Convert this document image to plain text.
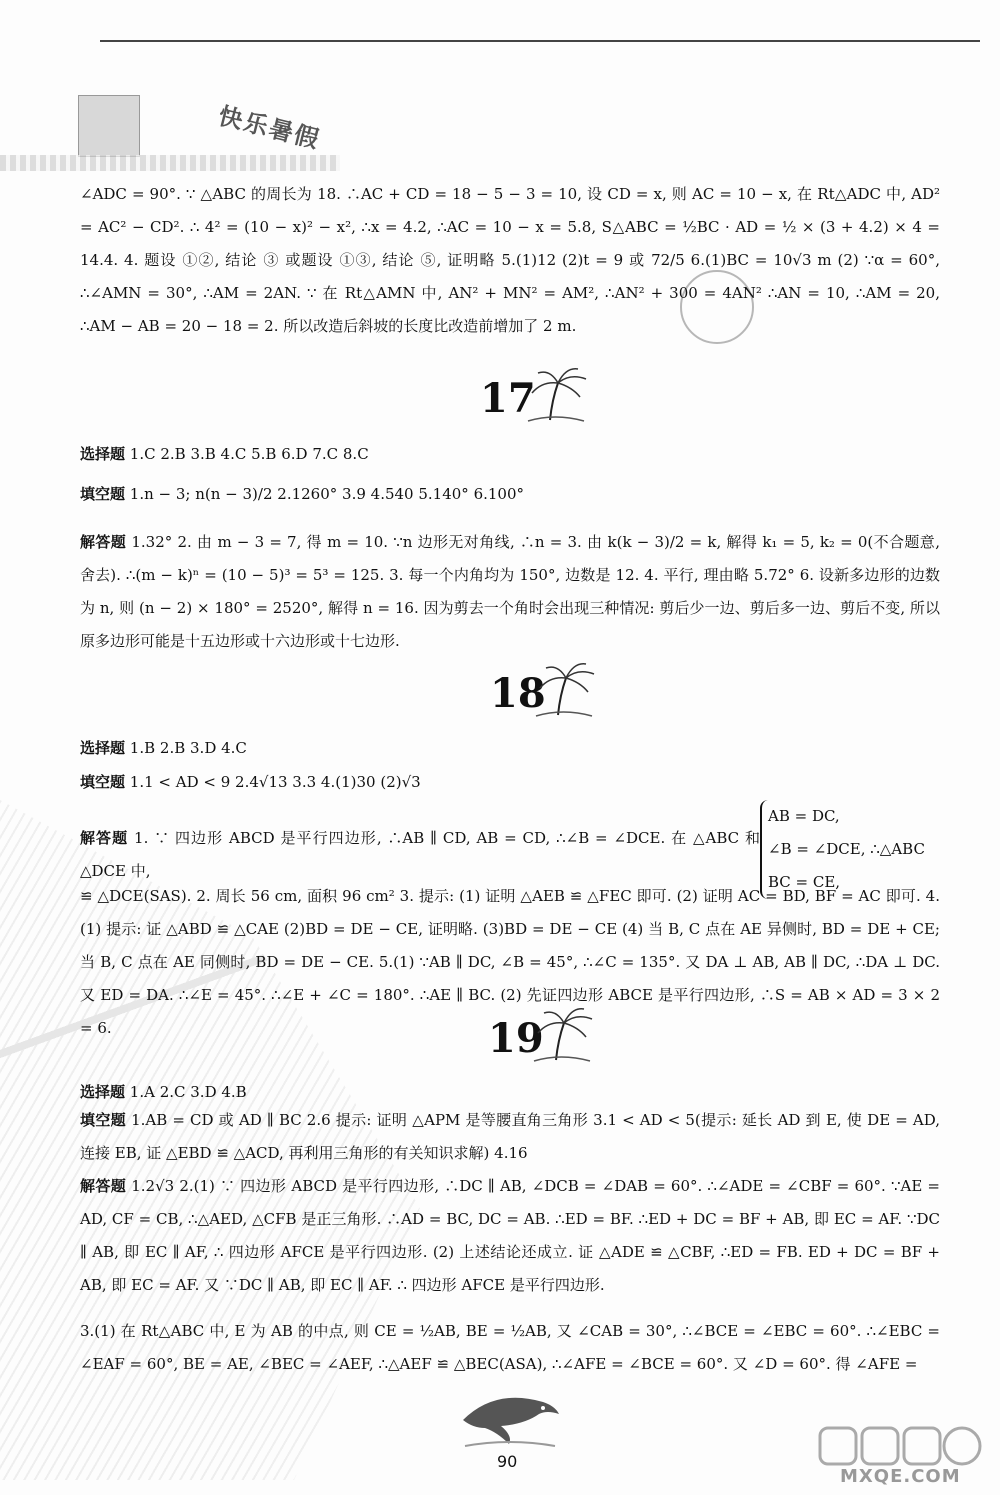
快乐暑假

∠ADC = 90°. ∵ △ABC 的周长为 18. ∴AC + CD = 18 − 5 − 3 = 10, 设 CD = x, 则 AC = 10 − x, 在 Rt△ADC 中, AD² = AC² − CD². ∴ 4² = (10 − x)² − x², ∴x = 4.2, ∴AC = 10 − x = 5.8, S△ABC = ½BC · AD = ½ × (3 + 4.2) × 4 = 14.4. 4. 题设 ①②, 结论 ③ 或题设 ①③, 结论 ⑤, 证明略 5.(1)12 (2)t = 9 或 72/5 6.(1)BC = 10√3 m (2) ∵α = 60°, ∴∠AMN = 30°, ∴AM = 2AN. ∵ 在 Rt△AMN 中, AN² + MN² = AM², ∴AN² + 300 = 4AN² ∴AN = 10, ∴AM = 20, ∴AM − AB = 20 − 18 = 2. 所以改造后斜坡的长度比改造前增加了 2 m.

17

选择题 1.C 2.B 3.B 4.C 5.B 6.D 7.C 8.C

填空题 1.n − 3; n(n − 3)/2 2.1260° 3.9 4.540 5.140° 6.100°

解答题 1.32° 2. 由 m − 3 = 7, 得 m = 10. ∵n 边形无对角线, ∴n = 3. 由 k(k − 3)/2 = k, 解得 k₁ = 5, k₂ = 0(不合题意, 舍去). ∴(m − k)ⁿ = (10 − 5)³ = 5³ = 125. 3. 每一个内角均为 150°, 边数是 12. 4. 平行, 理由略 5.72° 6. 设新多边形的边数为 n, 则 (n − 2) × 180° = 2520°, 解得 n = 16. 因为剪去一个角时会出现三种情况: 剪后少一边、剪后多一边、剪后不变, 所以原多边形可能是十五边形或十六边形或十七边形.

18

选择题 1.B 2.B 3.D 4.C

填空题 1.1 < AD < 9 2.4√13 3.3 4.(1)30 (2)√3

解答题 1. ∵ 四边形 ABCD 是平行四边形, ∴AB ∥ CD, AB = CD, ∴∠B = ∠DCE. 在 △ABC 和 △DCE 中,

AB = DC,
∠B = ∠DCE, ∴△ABC
BC = CE,

≌ △DCE(SAS). 2. 周长 56 cm, 面积 96 cm² 3. 提示: (1) 证明 △AEB ≌ △FEC 即可. (2) 证明 AC = BD, BF = AC 即可. 4.(1) 提示: 证 △ABD ≌ △CAE (2)BD = DE − CE, 证明略. (3)BD = DE − CE (4) 当 B, C 点在 AE 异侧时, BD = DE + CE; 当 B, C 点在 AE 同侧时, BD = DE − CE. 5.(1) ∵AB ∥ DC, ∠B = 45°, ∴∠C = 135°. 又 DA ⊥ AB, AB ∥ DC, ∴DA ⊥ DC. 又 ED = DA. ∴∠E = 45°. ∴∠E + ∠C = 180°. ∴AE ∥ BC. (2) 先证四边形 ABCE 是平行四边形, ∴S = AB × AD = 3 × 2 = 6.	19

选择题 1.A 2.C 3.D 4.B

填空题 1.AB = CD 或 AD ∥ BC 2.6 提示: 证明 △APM 是等腰直角三角形 3.1 < AD < 5(提示: 延长 AD 到 E, 使 DE = AD, 连接 EB, 证 △EBD ≌ △ACD, 再利用三角形的有关知识求解) 4.16

解答题 1.2√3 2.(1) ∵ 四边形 ABCD 是平行四边形, ∴DC ∥ AB, ∠DCB = ∠DAB = 60°. ∴∠ADE = ∠CBF = 60°. ∵AE = AD, CF = CB, ∴△AED, △CFB 是正三角形. ∴AD = BC, DC = AB. ∴ED = BF. ∴ED + DC = BF + AB, 即 EC = AF. ∵DC ∥ AB, 即 EC ∥ AF, ∴ 四边形 AFCE 是平行四边形. (2) 上述结论还成立. 证 △ADE ≌ △CBF, ∴ED = FB. ED + DC = BF + AB, 即 EC = AF. 又 ∵DC ∥ AB, 即 EC ∥ AF. ∴ 四边形 AFCE 是平行四边形.

3.(1) 在 Rt△ABC 中, E 为 AB 的中点, 则 CE = ½AB, BE = ½AB, 又 ∠CAB = 30°, ∴∠BCE = ∠EBC = 60°. ∴∠EBC = ∠EAF = 60°, BE = AE, ∠BEC = ∠AEF, ∴△AEF ≌ △BEC(ASA), ∴∠AFE = ∠BCE = 60°. 又 ∠D = 60°. 得 ∠AFE =

90
MXQE.COM
